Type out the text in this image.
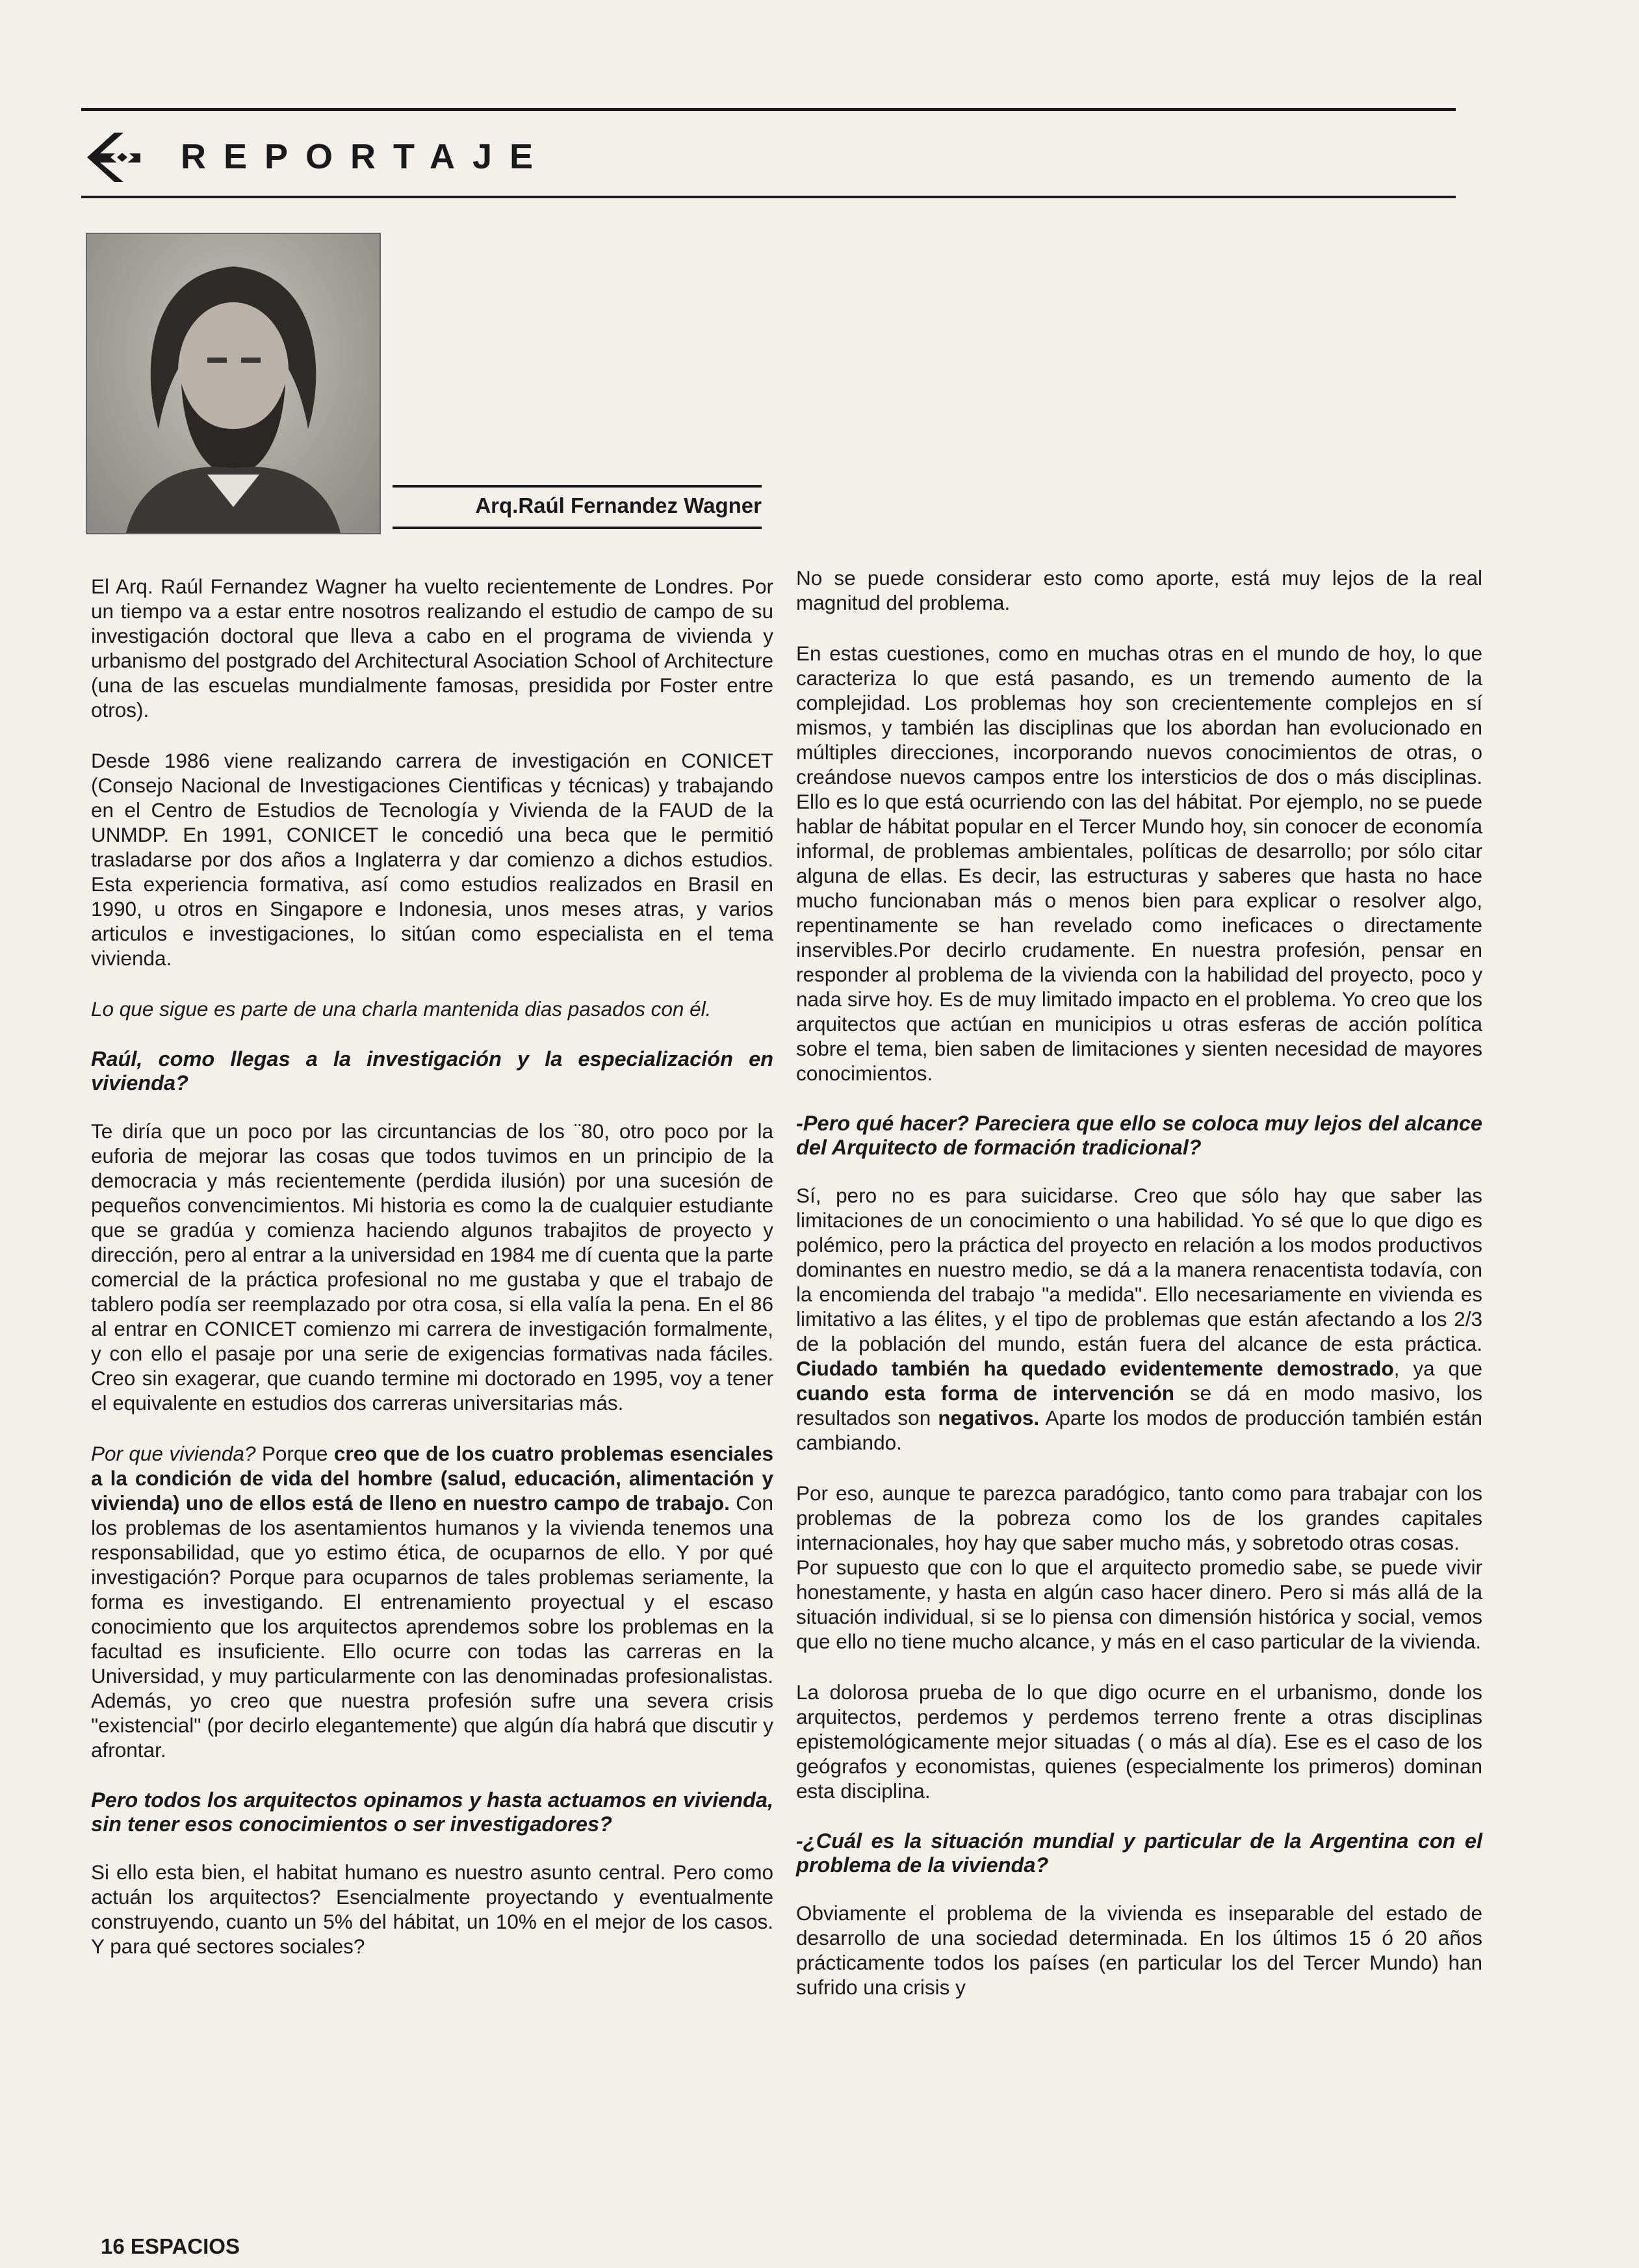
REPORTAJE
Arq.Raúl Fernandez Wagner

El Arq. Raúl Fernandez Wagner ha vuelto recientemente de Londres. Por un tiempo va a estar entre nosotros realizando el estudio de campo de su investigación doctoral que lleva a cabo en el programa de vivienda y urbanismo del postgrado del Architectural Asociation School of Architecture (una de las escuelas mundialmente famosas, presidida por Foster entre otros).

Desde 1986 viene realizando carrera de investigación en CONICET (Consejo Nacional de Investigaciones Cientificas y técnicas) y trabajando en el Centro de Estudios de Tecnología y Vivienda de la FAUD de la UNMDP. En 1991, CONICET le concedió una beca que le permitió trasladarse por dos años a Inglaterra y dar comienzo a dichos estudios. Esta experiencia formativa, así como estudios realizados en Brasil en 1990, u otros en Singapore e Indonesia, unos meses atras, y varios articulos e investigaciones, lo sitúan como especialista en el tema vivienda.

Lo que sigue es parte de una charla mantenida dias pasados con él.

Raúl, como llegas a la investigación y la especialización en vivienda?

Te diría que un poco por las circuntancias de los ¨80, otro poco por la euforia de mejorar las cosas que todos tuvimos en un principio de la democracia y más recientemente (perdida ilusión) por una sucesión de pequeños convencimientos. Mi historia es como la de cualquier estudiante que se gradúa y comienza haciendo algunos trabajitos de proyecto y dirección, pero al entrar a la universidad en 1984 me dí cuenta que la parte comercial de la práctica profesional no me gustaba y que el trabajo de tablero podía ser reemplazado por otra cosa, si ella valía la pena. En el 86 al entrar en CONICET comienzo mi carrera de investigación formalmente, y con ello el pasaje por una serie de exigencias formativas nada fáciles. Creo sin exagerar, que cuando termine mi doctorado en 1995, voy a tener el equivalente en estudios dos carreras universitarias más.

Por que vivienda? Porque creo que de los cuatro problemas esenciales a la condición de vida del hombre (salud, educación, alimentación y vivienda) uno de ellos está de lleno en nuestro campo de trabajo. Con los problemas de los asentamientos humanos y la vivienda tenemos una responsabilidad, que yo estimo ética, de ocuparnos de ello. Y por qué investigación? Porque para ocuparnos de tales problemas seriamente, la forma es investigando. El entrenamiento proyectual y el escaso conocimiento que los arquitectos aprendemos sobre los problemas en la facultad es insuficiente. Ello ocurre con todas las carreras en la Universidad, y muy particularmente con las denominadas profesionalistas. Además, yo creo que nuestra profesión sufre una severa crisis "existencial" (por decirlo elegantemente) que algún día habrá que discutir y afrontar.

Pero todos los arquitectos opinamos y hasta actuamos en vivienda, sin tener esos conocimientos o ser investigadores?

Si ello esta bien, el habitat humano es nuestro asunto central. Pero como actuán los arquitectos? Esencialmente proyectando y eventualmente construyendo, cuanto un 5% del hábitat, un 10% en el mejor de los casos. Y para qué sectores sociales?

No se puede considerar esto como aporte, está muy lejos de la real magnitud del problema.

En estas cuestiones, como en muchas otras en el mundo de hoy, lo que caracteriza lo que está pasando, es un tremendo aumento de la complejidad. Los problemas hoy son crecientemente complejos en sí mismos, y también las disciplinas que los abordan han evolucionado en múltiples direcciones, incorporando nuevos conocimientos de otras, o creándose nuevos campos entre los intersticios de dos o más disciplinas. Ello es lo que está ocurriendo con las del hábitat. Por ejemplo, no se puede hablar de hábitat popular en el Tercer Mundo hoy, sin conocer de economía informal, de problemas ambientales, políticas de desarrollo; por sólo citar alguna de ellas. Es decir, las estructuras y saberes que hasta no hace mucho funcionaban más o menos bien para explicar o resolver algo, repentinamente se han revelado como ineficaces o directamente inservibles.Por decirlo crudamente. En nuestra profesión, pensar en responder al problema de la vivienda con la habilidad del proyecto, poco y nada sirve hoy. Es de muy limitado impacto en el problema. Yo creo que los arquitectos que actúan en municipios u otras esferas de acción política sobre el tema, bien saben de limitaciones y sienten necesidad de mayores conocimientos.

-Pero qué hacer? Pareciera que ello se coloca muy lejos del alcance del Arquitecto de formación tradicional?

Sí, pero no es para suicidarse. Creo que sólo hay que saber las limitaciones de un conocimiento o una habilidad. Yo sé que lo que digo es polémico, pero la práctica del proyecto en relación a los modos productivos dominantes en nuestro medio, se dá a la manera renacentista todavía, con la encomienda del trabajo "a medida". Ello necesariamente en vivienda es limitativo a las élites, y el tipo de problemas que están afectando a los 2/3 de la población del mundo, están fuera del alcance de esta práctica. Ciudado también ha quedado evidentemente demostrado, ya que cuando esta forma de intervención se dá en modo masivo, los resultados son negativos. Aparte los modos de producción también están cambiando.

Por eso, aunque te parezca paradógico, tanto como para trabajar con los problemas de la pobreza como los de los grandes capitales internacionales, hoy hay que saber mucho más, y sobretodo otras cosas.

Por supuesto que con lo que el arquitecto promedio sabe, se puede vivir honestamente, y hasta en algún caso hacer dinero. Pero si más allá de la situación individual, si se lo piensa con dimensión histórica y social, vemos que ello no tiene mucho alcance, y más en el caso particular de la vivienda.

La dolorosa prueba de lo que digo ocurre en el urbanismo, donde los arquitectos, perdemos y perdemos terreno frente a otras disciplinas epistemológicamente mejor situadas ( o más al día). Ese es el caso de los geógrafos y economistas, quienes (especialmente los primeros) dominan esta disciplina.

-¿Cuál es la situación mundial y particular de la Argentina con el problema de la vivienda?

Obviamente el problema de la vivienda es inseparable del estado de desarrollo de una sociedad determinada. En los últimos 15 ó 20 años prácticamente todos los países (en particular los del Tercer Mundo) han sufrido una crisis y

16 ESPACIOS
